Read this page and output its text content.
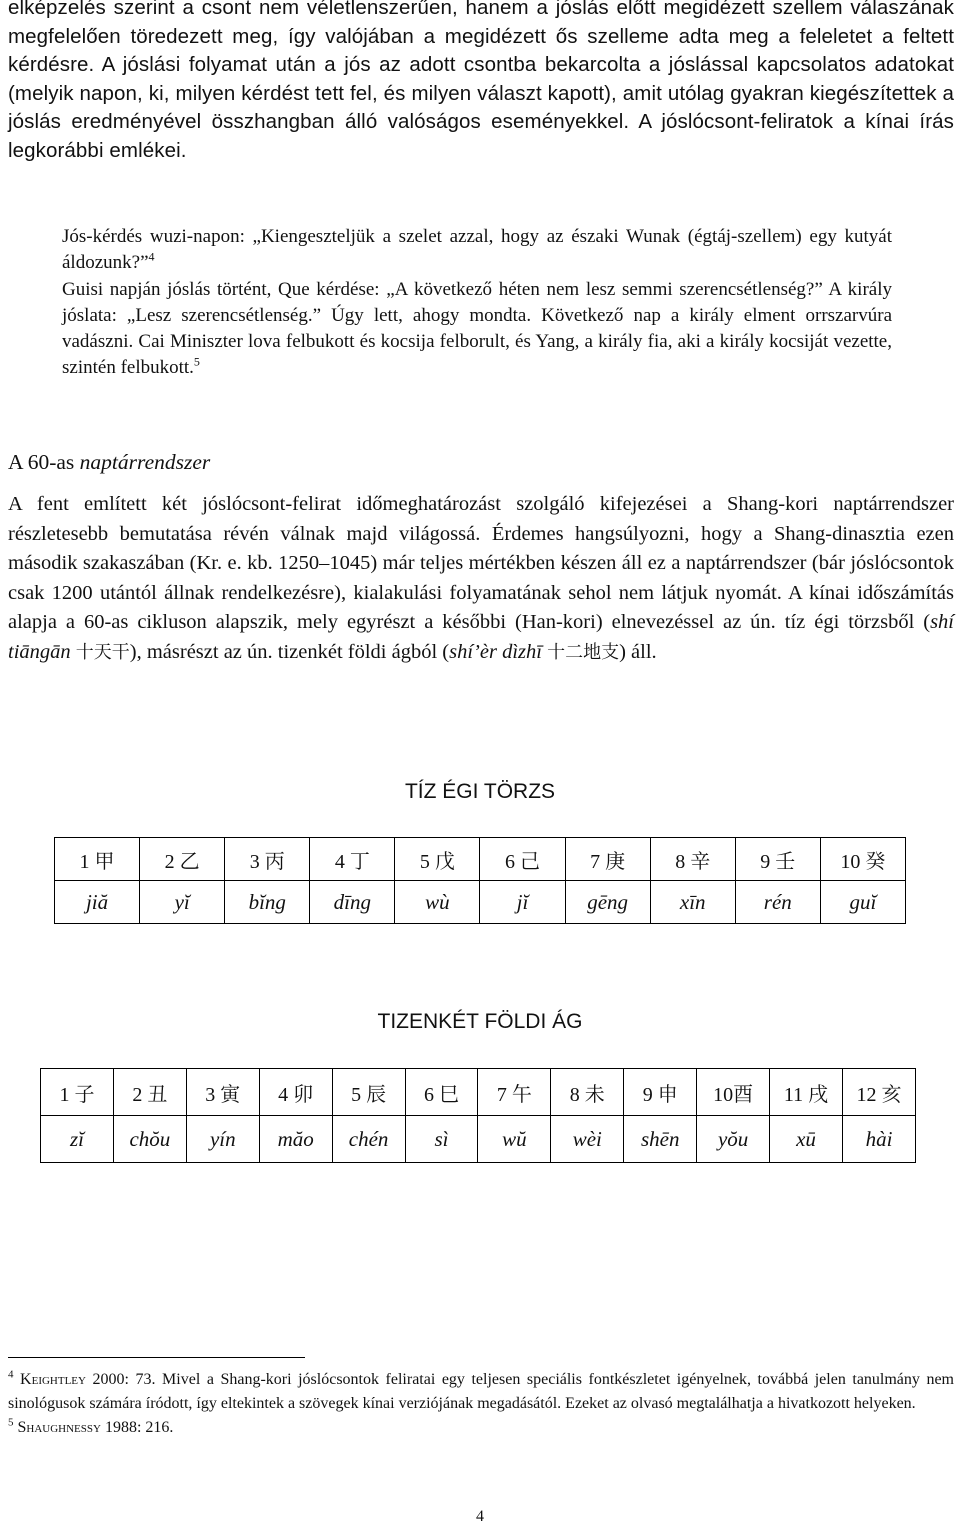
elképzelés szerint a csont nem véletlenszerűen, hanem a jóslás előtt megidézett szellem válaszának megfelelően töredezett meg, így valójában a megidézett ős szelleme adta meg a feleletet a feltett kérdésre. A jóslási folyamat után a jós az adott csontba bekarcolta a jóslással kapcsolatos adatokat (melyik napon, ki, milyen kérdést tett fel, és milyen választ kapott), amit utólag gyakran kiegészítettek a jóslás eredményével összhangban álló valóságos eseményekkel. A jóslócsont-feliratok a kínai írás legkorábbi emlékei.

Jós-kérdés wuzi-napon: „Kiengeszteljük a szelet azzal, hogy az északi Wunak (égtáj-szellem) egy kutyát áldozunk?”$^4$

Guisi napján jóslás történt, Que kérdése: „A következő héten nem lesz semmi szerencsétlenség?” A király jóslata: „Lesz szerencsétlenség.” Úgy lett, ahogy mondta. Következő nap a király elment orrszarvúra vadászni. Cai Miniszter lova felbukott és kocsija felborult, és Yang, a király fia, aki a király kocsiját vezette, szintén felbukott.$^5$

A 60-as naptárrendszer

A fent említett két jóslócsont-felirat időmeghatározást szolgáló kifejezései a Shang-kori naptárrendszer részletesebb bemutatása révén válnak majd világossá. Érdemes hangsúlyozni, hogy a Shang-dinasztia ezen második szakaszában (Kr. e. kb. 1250–1045) már teljes mértékben készen áll ez a naptárrendszer (bár jóslócsontok csak 1200 utántól állnak rendelkezésre), kialakulási folyamatának sehol nem látjuk nyomát. A kínai időszámítás alapja a 60-as cikluson alapszik, mely egyrészt a későbbi (Han-kori) elnevezéssel az ún. tíz égi törzsből (shí tiāngān 十天干), másrészt az ún. tizenkét földi ágból (shí’èr dìzhī 十二地支) áll.

TÍZ ÉGI TÖRZS

1 甲	2 乙	3 丙	4 丁	5 戊	6 己	7 庚	8 辛	9 壬	10 癸
jiă	yĭ	bĭng	dīng	wù	jĭ	gēng	xīn	rén	guĭ

TIZENKÉT FÖLDI ÁG

1 子	2 丑	3 寅	4 卯	5 辰	6 巳	7 午	8 未	9 申	10酉	11 戌	12 亥
zĭ	chŏu	yín	măo	chén	sì	wŭ	wèi	shēn	yŏu	xū	hài

$^4$ Keightley 2000: 73. Mivel a Shang-kori jóslócsontok feliratai egy teljesen speciális fontkészletet igényelnek, továbbá jelen tanulmány nem sinológusok számára íródott, így eltekintek a szövegek kínai verziójának megadásától. Ezeket az olvasó megtalálhatja a hivatkozott helyeken.

$^5$ Shaughnessy 1988: 216.

4
